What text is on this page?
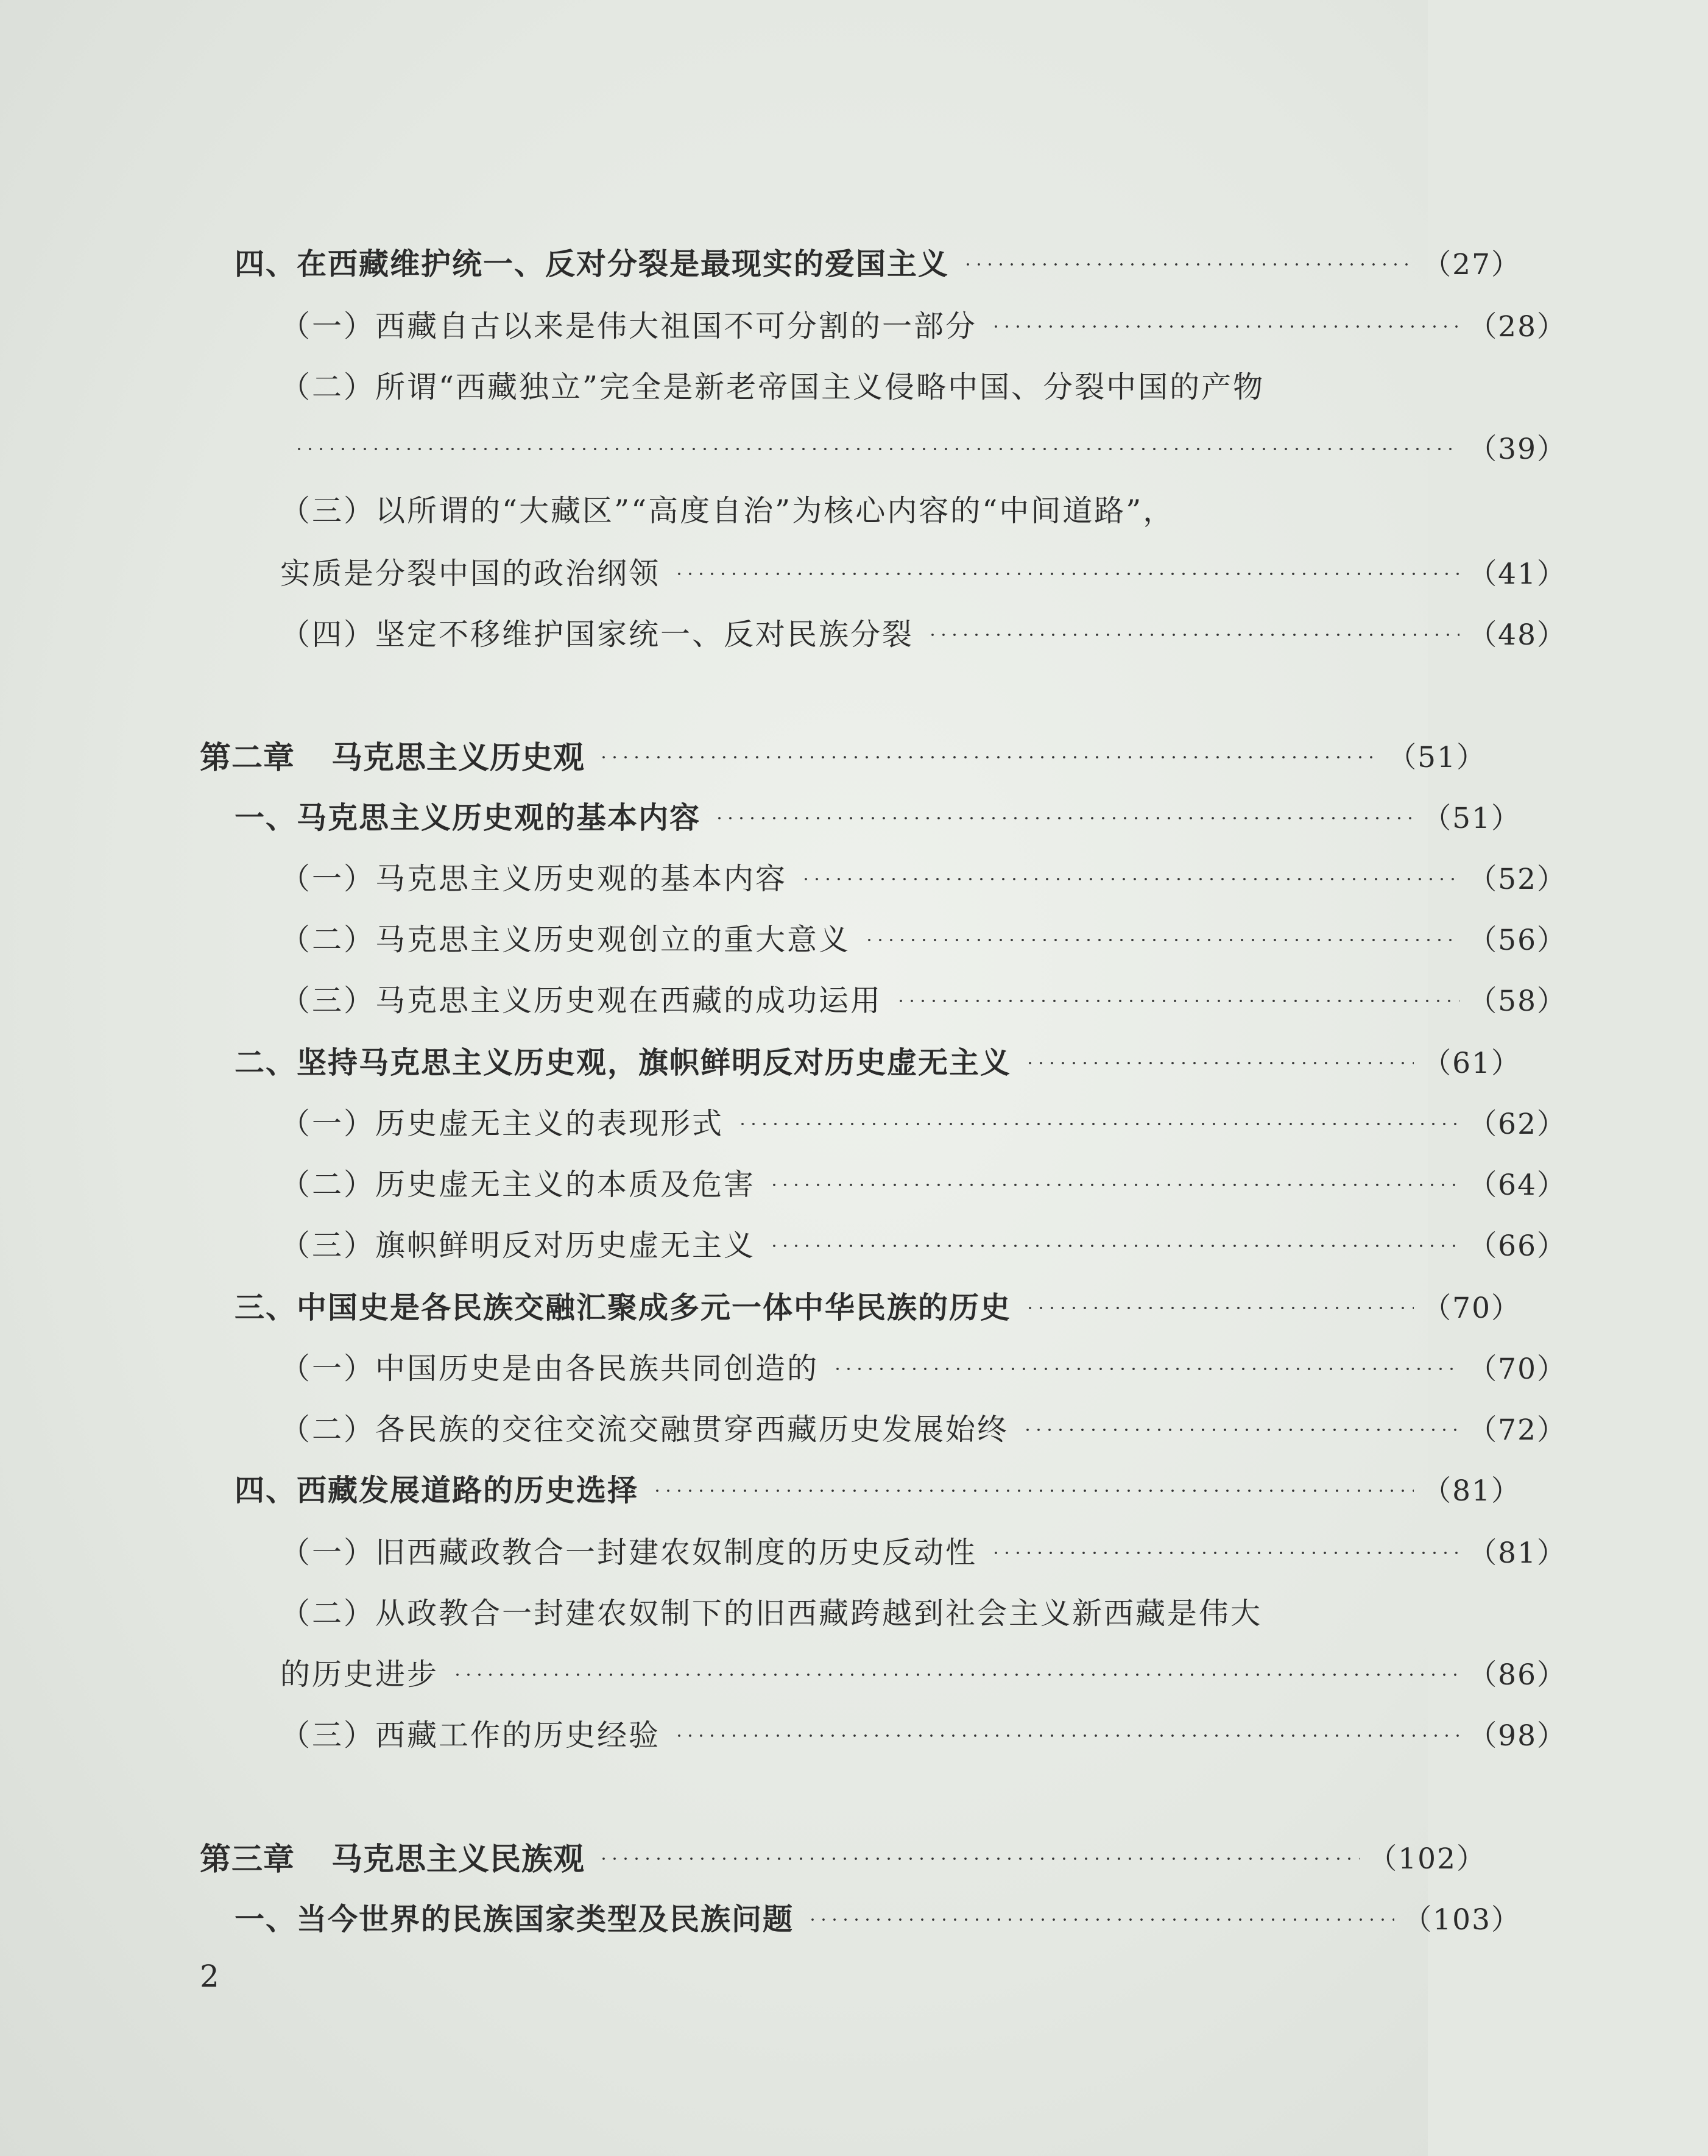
四、在西藏维护统一、反对分裂是最现实的爱国主义	（27）
（一）西藏自古以来是伟大祖国不可分割的一部分	（28）
（二）所谓“西藏独立”完全是新老帝国主义侵略中国、分裂中国的产物
（39）
（三）以所谓的“大藏区”“高度自治”为核心内容的“中间道路”，
实质是分裂中国的政治纲领	（41）
（四）坚定不移维护国家统一、反对民族分裂	（48）
第二章 马克思主义历史观	（51）
一、马克思主义历史观的基本内容	（51）
（一）马克思主义历史观的基本内容	（52）
（二）马克思主义历史观创立的重大意义	（56）
（三）马克思主义历史观在西藏的成功运用	（58）
二、坚持马克思主义历史观，旗帜鲜明反对历史虚无主义	（61）
（一）历史虚无主义的表现形式	（62）
（二）历史虚无主义的本质及危害	（64）
（三）旗帜鲜明反对历史虚无主义	（66）
三、中国史是各民族交融汇聚成多元一体中华民族的历史	（70）
（一）中国历史是由各民族共同创造的	（70）
（二）各民族的交往交流交融贯穿西藏历史发展始终	（72）
四、西藏发展道路的历史选择	（81）
（一）旧西藏政教合一封建农奴制度的历史反动性	（81）
（二）从政教合一封建农奴制下的旧西藏跨越到社会主义新西藏是伟大
的历史进步	（86）
（三）西藏工作的历史经验	（98）
第三章 马克思主义民族观	（102）
一、当今世界的民族国家类型及民族问题	（103）
2
